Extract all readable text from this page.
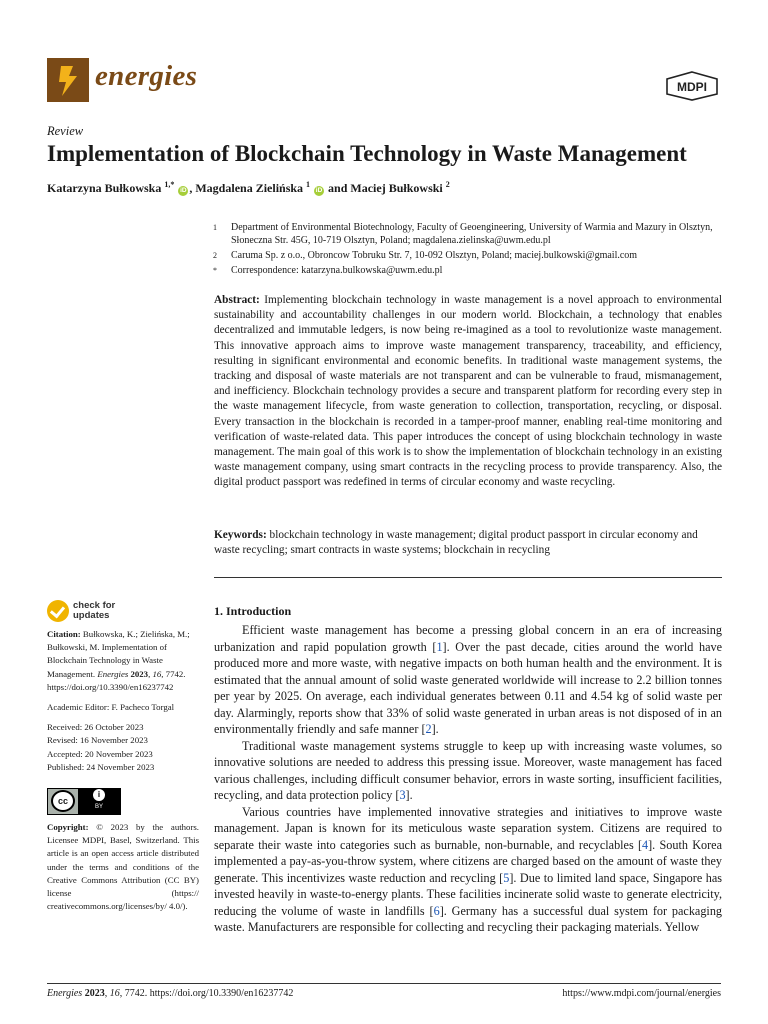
energies	MDPI
Review
Implementation of Blockchain Technology in Waste Management
Katarzyna Bułkowska $^{1,*}$ iD , Magdalena Zielińska $^1$ iD and Maciej Bułkowski $^2$
1	Department of Environmental Biotechnology, Faculty of Geoengineering, University of Warmia and Mazury in Olsztyn, Słoneczna Str. 45G, 10-719 Olsztyn, Poland; magdalena.zielinska@uwm.edu.pl
2	Caruma Sp. z o.o., Obroncow Tobruku Str. 7, 10-092 Olsztyn, Poland; maciej.bulkowski@gmail.com
*	Correspondence: katarzyna.bulkowska@uwm.edu.pl
Abstract: Implementing blockchain technology in waste management is a novel approach to environmental sustainability and accountability challenges in our modern world. Blockchain, a technology that enables decentralized and immutable ledgers, is now being re-imagined as a tool to revolutionize waste management. This innovative approach aims to improve waste management transparency, traceability, and efficiency, resulting in significant environmental and economic benefits. In traditional waste management systems, the tracking and disposal of waste materials are not transparent and can be vulnerable to fraud, mismanagement, and inefficiency. Blockchain technology provides a secure and transparent platform for recording every step in the waste management lifecycle, from waste generation to collection, transportation, recycling, or disposal. Every transaction in the blockchain is recorded in a tamper-proof manner, enabling real-time monitoring and verification of waste-related data. This paper introduces the concept of using blockchain technology in waste management. The main goal of this work is to show the implementation of blockchain technology in an existing waste management company, using smart contracts in the recycling process to provide transparency. Also, the digital product passport was redefined in terms of circular economy and waste recycling.
Keywords: blockchain technology in waste management; digital product passport in circular economy and waste recycling; smart contracts in waste systems; blockchain in recycling
check for
updates

Citation: Bułkowska, K.; Zielińska, M.; Bułkowski, M. Implementation of Blockchain Technology in Waste Management. Energies 2023, 16, 7742. https://doi.org/10.3390/en16237742

Academic Editor: F. Pacheco Torgal

Received: 26 October 2023
Revised: 16 November 2023
Accepted: 20 November 2023
Published: 24 November 2023
cc
i
BY

Copyright: © 2023 by the authors. Licensee MDPI, Basel, Switzerland. This article is an open access article distributed under the terms and conditions of the Creative Commons Attribution (CC BY) license (https:// creativecommons.org/licenses/by/ 4.0/).

1. Introduction

Efficient waste management has become a pressing global concern in an era of increasing urbanization and rapid population growth [1]. Over the past decade, cities around the world have produced more and more waste, with negative impacts on both human health and the environment. It is estimated that the annual amount of solid waste generated worldwide will increase to 2.2 billion tonnes per year by 2025. On average, each individual generates between 0.11 and 4.54 kg of solid waste per day. Alarmingly, reports show that 33% of solid waste generated in urban areas is not disposed of in an environmentally friendly and safe manner [2].

Traditional waste management systems struggle to keep up with increasing waste volumes, so innovative solutions are needed to address this pressing issue. Moreover, waste management has faced various challenges, including difficult consumer behavior, errors in waste sorting, insufficient facilities, recycling, and data protection policy [3].

Various countries have implemented innovative strategies and initiatives to improve waste management. Japan is known for its meticulous waste separation system. Citizens are required to separate their waste into categories such as burnable, non-burnable, and recyclables [4]. South Korea implemented a pay-as-you-throw system, where citizens are charged based on the amount of waste they generate. This incentivizes waste reduction and recycling [5]. Due to limited land space, Singapore has invested heavily in waste-to-energy plants. These facilities incinerate solid waste to generate electricity, reducing the volume of waste in landfills [6]. Germany has a successful dual system for packaging waste. Manufacturers are responsible for collecting and recycling their packaging materials. Yellow

Energies 2023, 16, 7742. https://doi.org/10.3390/en16237742	https://www.mdpi.com/journal/energies
